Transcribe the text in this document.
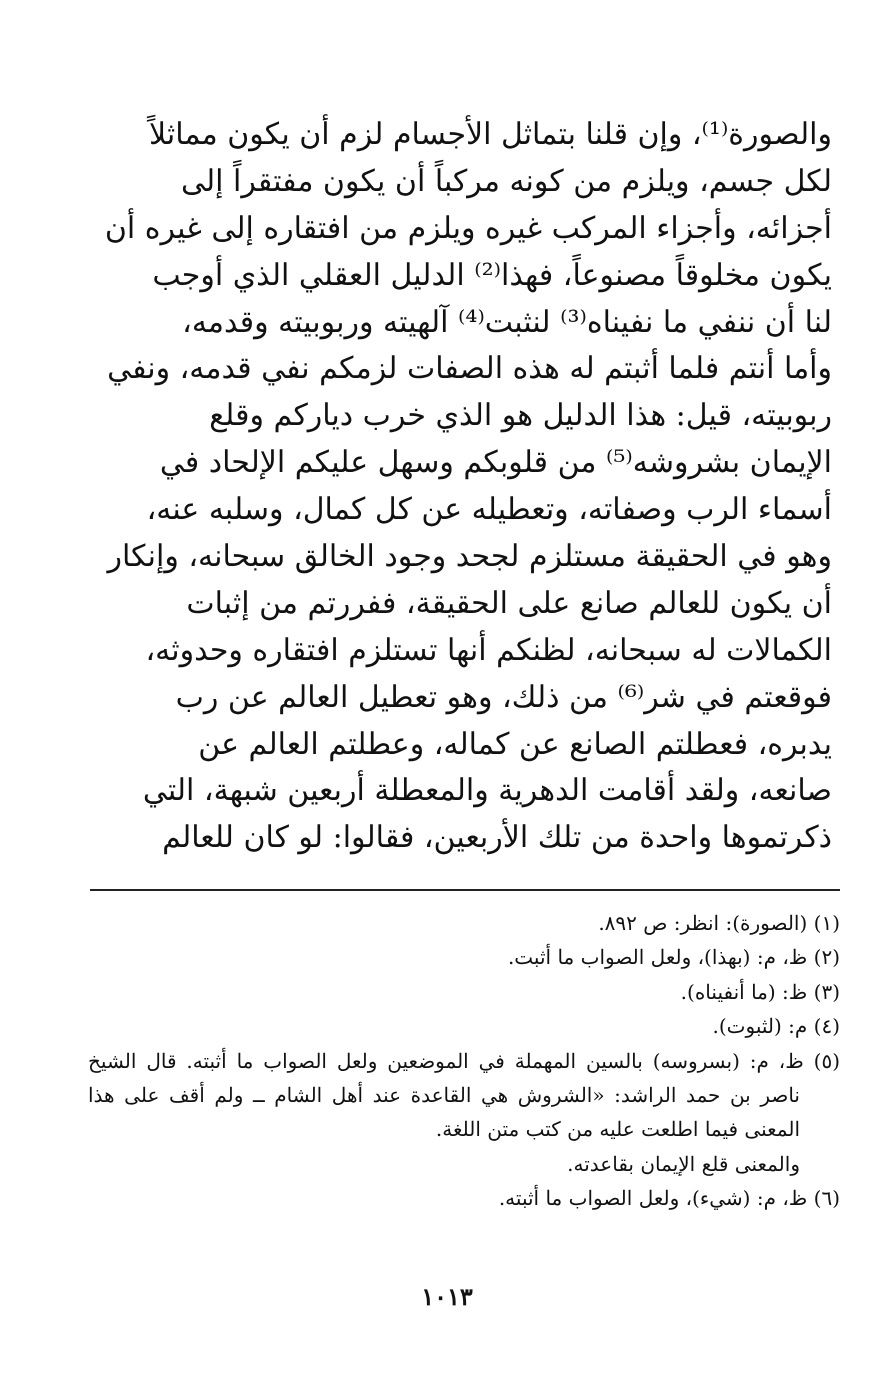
والصورة⁽¹⁾، وإن قلنا بتماثل الأجسام لزم أن يكون مماثلاً
لكل جسم، ويلزم من كونه مركباً أن يكون مفتقراً إلى
أجزائه، وأجزاء المركب غيره ويلزم من افتقاره إلى غيره أن
يكون مخلوقاً مصنوعاً، فهذا⁽²⁾ الدليل العقلي الذي أوجب
لنا أن ننفي ما نفيناه⁽³⁾ لنثبت⁽⁴⁾ آلهيته وربوبيته وقدمه،
وأما أنتم فلما أثبتم له هذه الصفات لزمكم نفي قدمه، ونفي
ربوبيته، قيل: هذا الدليل هو الذي خرب دياركم وقلع
الإيمان بشروشه⁽⁵⁾ من قلوبكم وسهل عليكم الإلحاد في
أسماء الرب وصفاته، وتعطيله عن كل كمال، وسلبه عنه،
وهو في الحقيقة مستلزم لجحد وجود الخالق سبحانه، وإنكار
أن يكون للعالم صانع على الحقيقة، ففررتم من إثبات
الكمالات له سبحانه، لظنكم أنها تستلزم افتقاره وحدوثه،
فوقعتم في شر⁽⁶⁾ من ذلك، وهو تعطيل العالم عن رب
يدبره، فعطلتم الصانع عن كماله، وعطلتم العالم عن
صانعه، ولقد أقامت الدهرية والمعطلة أربعين شبهة، التي
ذكرتموها واحدة من تلك الأربعين، فقالوا: لو كان للعالم
(١) (الصورة): انظر: ص ٨٩٢.
(٢) ظ، م: (بهذا)، ولعل الصواب ما أثبت.
(٣) ظ: (ما أنفيناه).
(٤) م: (لثبوت).
(٥) ظ، م: (بسروسه) بالسين المهملة في الموضعين ولعل الصواب ما أثبته. قال الشيخ
ناصر بن حمد الراشد: «الشروش هي القاعدة عند أهل الشام ــ ولم أقف على هذا
المعنى فيما اطلعت عليه من كتب متن اللغة.
والمعنى قلع الإيمان بقاعدته.
(٦) ظ، م: (شيء)، ولعل الصواب ما أثبته.
١٠١٣
